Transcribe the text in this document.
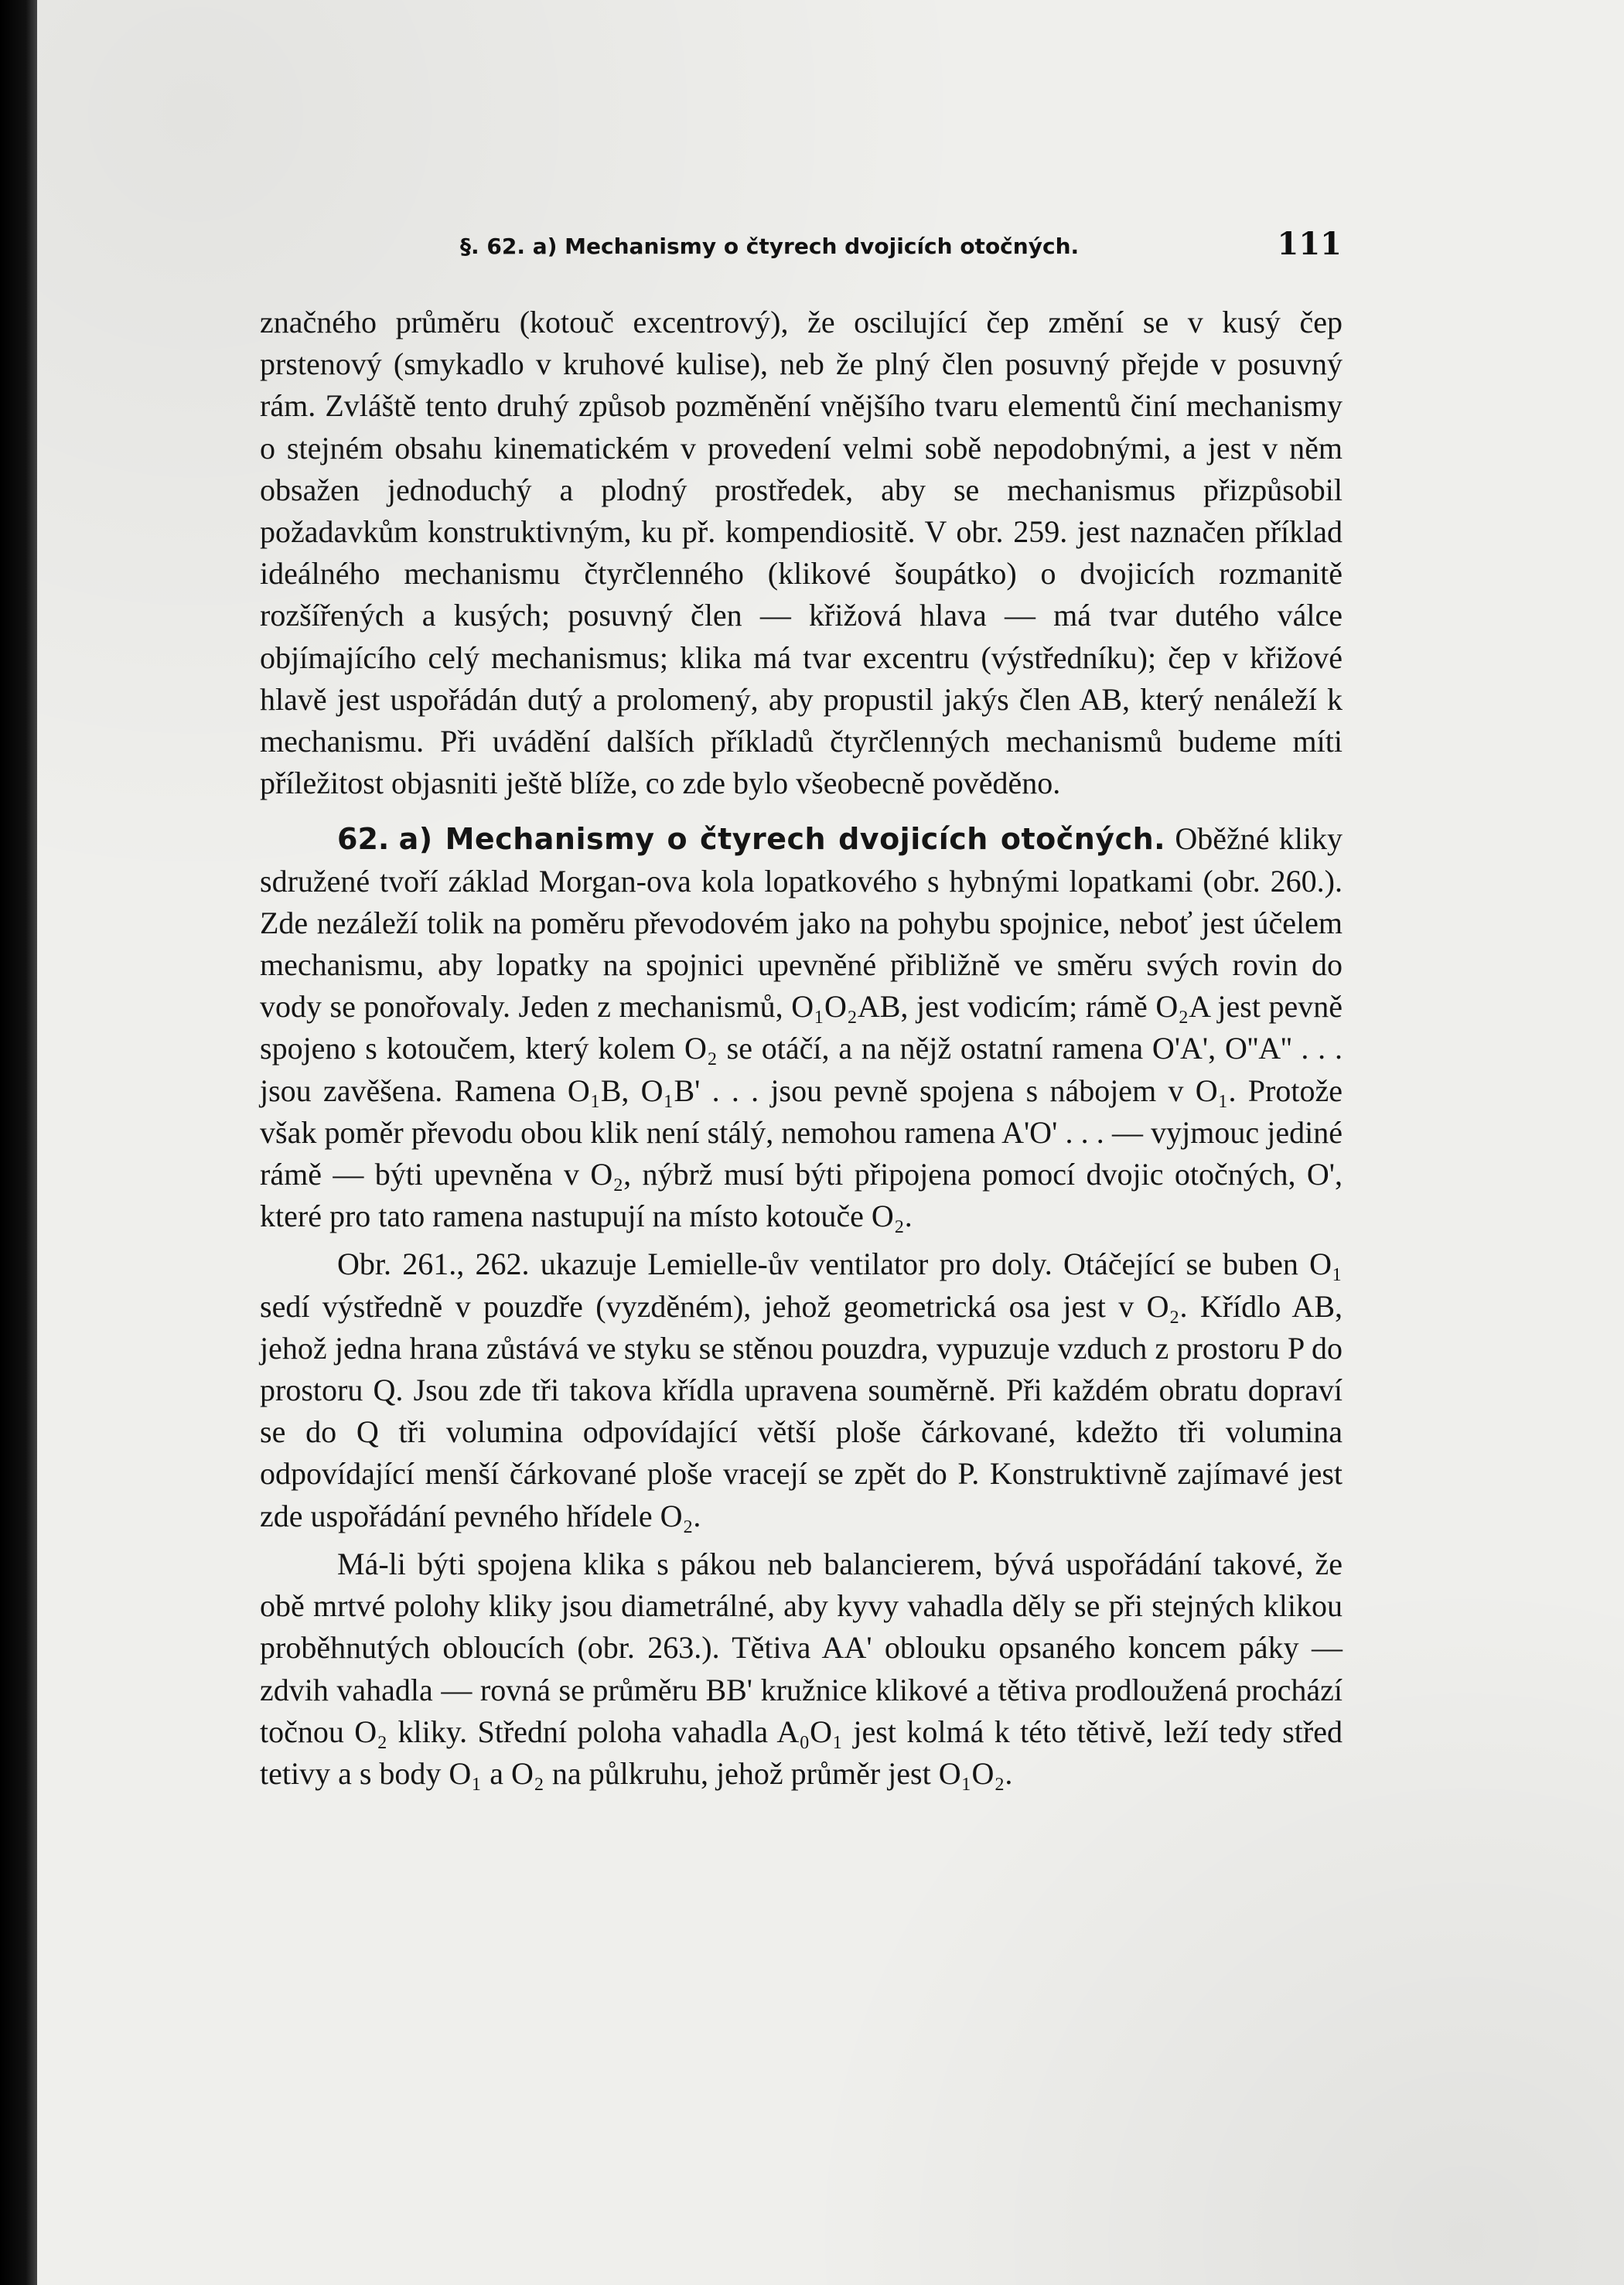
§. 62. a) Mechanismy o čtyrech dvojicích otočných.	111

značného průměru (kotouč excentrový), že oscilující čep změní se v kusý čep prstenový (smykadlo v kruhové kulise), neb že plný člen posuvný přejde v posuvný rám. Zvláště tento druhý způsob pozměnění vnějšího tvaru elementů činí mechanismy o stejném obsahu kinematickém v provedení velmi sobě nepodobnými, a jest v něm obsažen jednoduchý a plodný prostředek, aby se mechanismus přizpůsobil požadavkům konstruktivným, ku př. kompendiositě. V obr. 259. jest naznačen příklad ideálného mechanismu čtyrčlenného (klikové šoupátko) o dvojicích rozmanitě rozšířených a kusých; posuvný člen — křižová hlava — má tvar dutého válce objímajícího celý mechanismus; klika má tvar excentru (výstředníku); čep v křižové hlavě jest uspořádán dutý a prolomený, aby propustil jakýs člen AB, který nenáleží k mechanismu. Při uvádění dalších příkladů čtyrčlenných mechanismů budeme míti příležitost objasniti ještě blíže, co zde bylo všeobecně pověděno.

62. a) Mechanismy o čtyrech dvojicích otočných. Oběžné kliky sdružené tvoří základ Morgan-ova kola lopatkového s hybnými lopatkami (obr. 260.). Zde nezáleží tolik na poměru převodovém jako na pohybu spojnice, neboť jest účelem mechanismu, aby lopatky na spojnici upevněné přibližně ve směru svých rovin do vody se ponořovaly. Jeden z mechanismů, O₁O₂AB, jest vodicím; rámě O₂A jest pevně spojeno s kotoučem, který kolem O₂ se otáčí, a na nějž ostatní ramena O'A', O''A'' . . . jsou zavěšena. Ramena O₁B, O₁B' . . . jsou pevně spojena s nábojem v O₁. Protože však poměr převodu obou klik není stálý, nemohou ramena A'O' . . . — vyjmouc jediné rámě — býti upevněna v O₂, nýbrž musí býti připojena pomocí dvojic otočných, O', které pro tato ramena nastupují na místo kotouče O₂.

Obr. 261., 262. ukazuje Lemielle-ův ventilator pro doly. Otáčející se buben O₁ sedí výstředně v pouzdře (vyzděném), jehož geometrická osa jest v O₂. Křídlo AB, jehož jedna hrana zůstává ve styku se stěnou pouzdra, vypuzuje vzduch z prostoru P do prostoru Q. Jsou zde tři takova křídla upravena souměrně. Při každém obratu dopraví se do Q tři volumina odpovídající větší ploše čárkované, kdežto tři volumina odpovídající menší čárkované ploše vracejí se zpět do P. Konstruktivně zajímavé jest zde uspořádání pevného hřídele O₂.

Má-li býti spojena klika s pákou neb balancierem, bývá uspořádání takové, že obě mrtvé polohy kliky jsou diametrálné, aby kyvy vahadla děly se při stejných klikou proběhnutých obloucích (obr. 263.). Tětiva AA' oblouku opsaného koncem páky — zdvih vahadla — rovná se průměru BB' kružnice klikové a tětiva prodloužená prochází točnou O₂ kliky. Střední poloha vahadla A₀O₁ jest kolmá k této tětivě, leží tedy střed tetivy a s body O₁ a O₂ na půlkruhu, jehož průměr jest O₁O₂.
